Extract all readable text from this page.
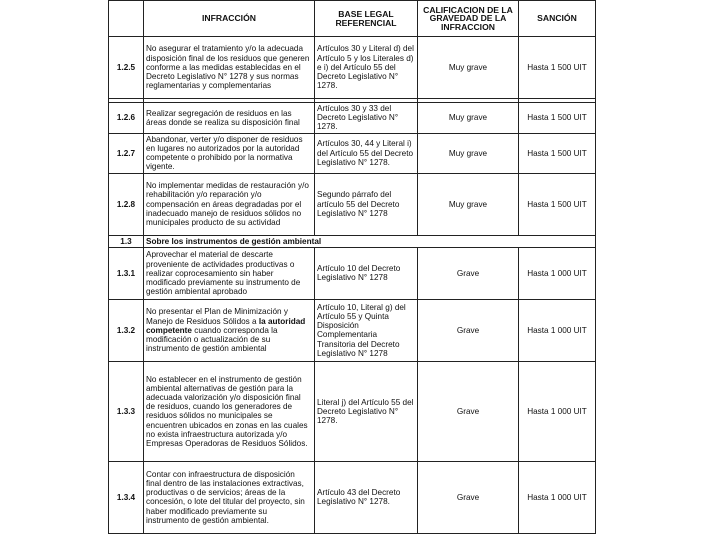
	INFRACCIÓN	BASE LEGAL REFERENCIAL	CALIFICACION DE LA GRAVEDAD DE LA INFRACCION	SANCIÓN
1.2.5	No asegurar el tratamiento y/o la adecuada disposición final de los residuos que generen conforme a las medidas establecidas en el Decreto Legislativo N° 1278 y sus normas reglamentarias y complementarias	Artículos 30 y Literal d) del Artículo 5 y los Literales d) e i) del Artículo 55 del Decreto Legislativo N° 1278.	Muy grave	Hasta 1 500 UIT

1.2.6	Realizar segregación de residuos en las áreas donde se realiza su disposición final	Artículos 30 y 33 del Decreto Legislativo N° 1278.	Muy grave	Hasta 1 500 UIT
1.2.7	Abandonar, verter y/o disponer de residuos en lugares no autorizados por la autoridad competente o prohibido por la normativa vigente.	Artículos 30, 44 y Literal i) del Artículo 55 del Decreto Legislativo N° 1278.	Muy grave	Hasta 1 500 UIT
1.2.8	No implementar medidas de restauración y/o rehabilitación y/o reparación y/o compensación en áreas degradadas por el inadecuado manejo de residuos sólidos no municipales producto de su actividad	Segundo párrafo del artículo 55 del Decreto Legislativo N° 1278	Muy grave	Hasta 1 500 UIT
1.3	Sobre los instrumentos de gestión ambiental			
1.3.1	Aprovechar el material de descarte proveniente de actividades productivas o realizar coprocesamiento sin haber modificado previamente su instrumento de gestión ambiental aprobado	Artículo 10 del Decreto Legislativo N° 1278	Grave	Hasta 1 000 UIT
1.3.2	No presentar el Plan de Minimización y Manejo de Residuos Sólidos a la autoridad competente cuando corresponda la modificación o actualización de su instrumento de gestión ambiental	Artículo 10, Literal g) del Artículo 55 y Quinta Disposición Complementaria Transitoria del Decreto Legislativo N° 1278	Grave	Hasta 1 000 UIT
1.3.3	No establecer en el instrumento de gestión ambiental alternativas de gestión para la adecuada valorización y/o disposición final de residuos, cuando los generadores de residuos sólidos no municipales se encuentren ubicados en zonas en las cuales no exista infraestructura autorizada y/o Empresas Operadoras de Residuos Sólidos.	Literal j) del Artículo 55 del Decreto Legislativo N° 1278.	Grave	Hasta 1 000 UIT
1.3.4	Contar con infraestructura de disposición final dentro de las instalaciones extractivas, productivas o de servicios; áreas de la concesión, o lote del titular del proyecto, sin haber modificado previamente su instrumento de gestión ambiental.	Artículo 43 del Decreto Legislativo N° 1278.	Grave	Hasta 1 000 UIT
